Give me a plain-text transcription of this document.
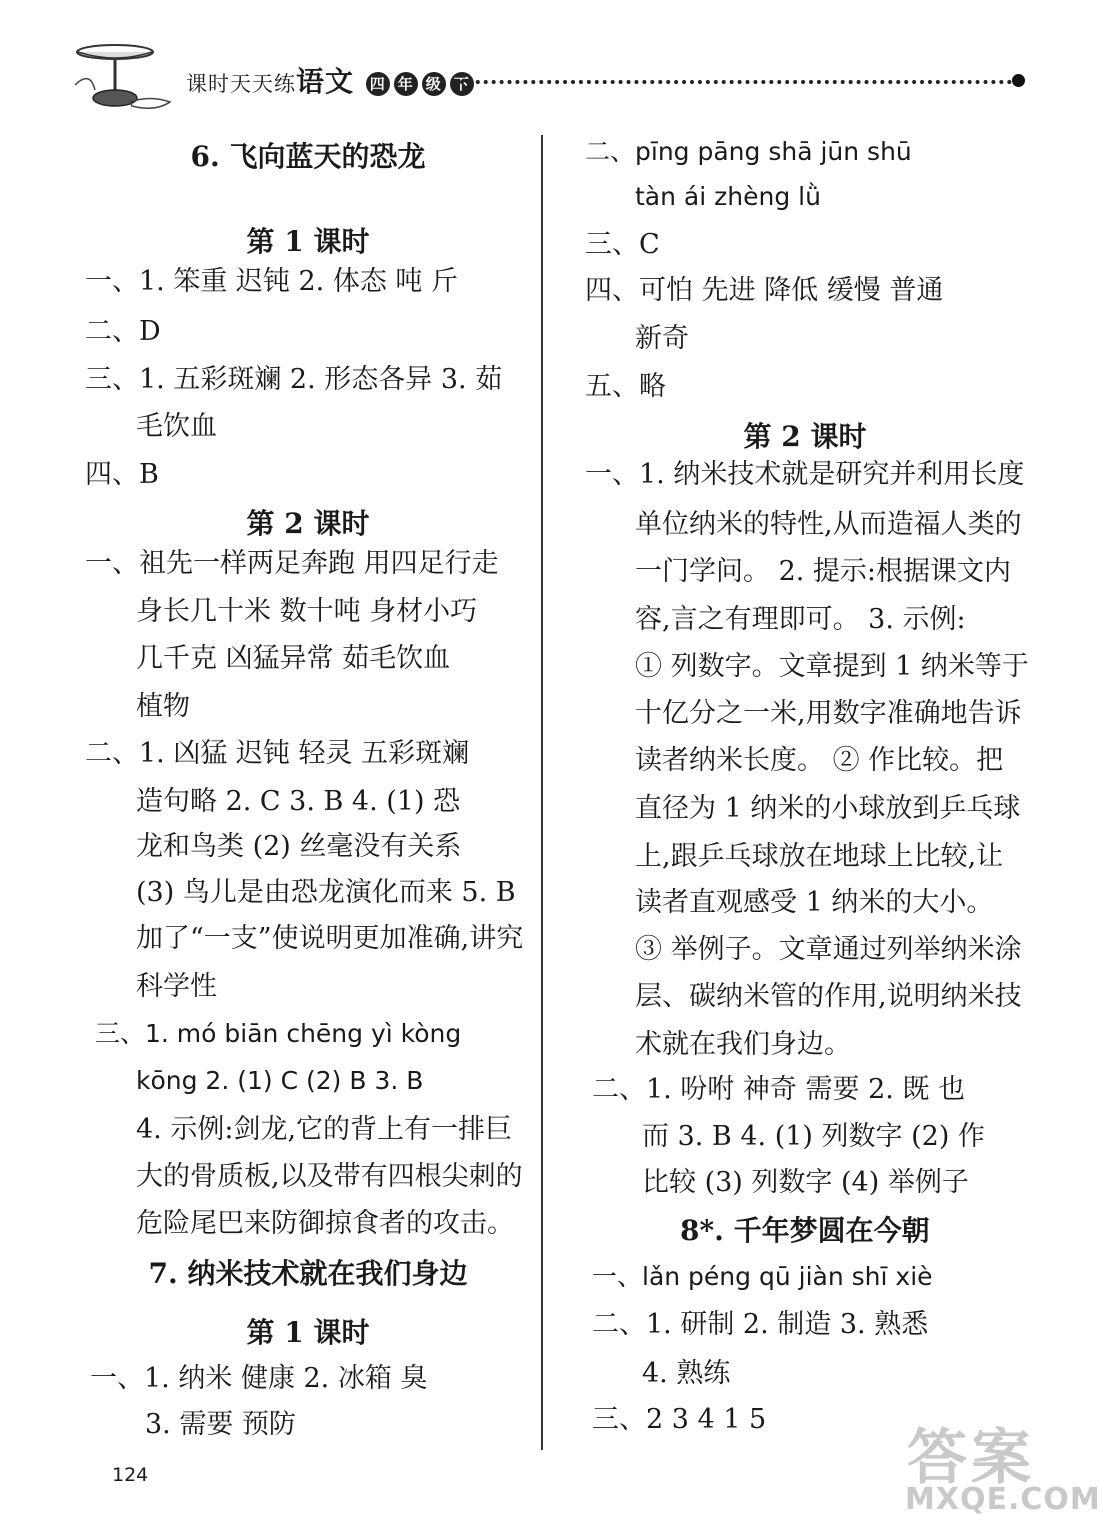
课时天天练语文 四 年 级 下
6. 飞向蓝天的恐龙
第 1 课时
一、1. 笨重 迟钝 2. 体态 吨 斤
二、D
三、1. 五彩斑斓 2. 形态各异 3. 茹
毛饮血
四、B
第 2 课时
一、祖先一样两足奔跑 用四足行走
身长几十米 数十吨 身材小巧
几千克 凶猛异常 茹毛饮血
植物
二、1. 凶猛 迟钝 轻灵 五彩斑斓
造句略 2. C 3. B 4. (1) 恐
龙和鸟类 (2) 丝毫没有关系
(3) 鸟儿是由恐龙演化而来 5. B
加了“一支”使说明更加准确,讲究
科学性
三、1. mó biān chēng yì kòng
kōng 2. (1) C (2) B 3. B
4. 示例:剑龙,它的背上有一排巨
大的骨质板,以及带有四根尖刺的
危险尾巴来防御掠食者的攻击。
7. 纳米技术就在我们身边
第 1 课时
一、1. 纳米 健康 2. 冰箱 臭
3. 需要 预防
二、pīng pāng shā jūn shū
tàn ái zhèng lǜ
三、C
四、可怕 先进 降低 缓慢 普通
新奇
五、略
第 2 课时
一、1. 纳米技术就是研究并利用长度
单位纳米的特性,从而造福人类的
一门学问。 2. 提示:根据课文内
容,言之有理即可。 3. 示例:
① 列数字。文章提到 1 纳米等于
十亿分之一米,用数字准确地告诉
读者纳米长度。 ② 作比较。把
直径为 1 纳米的小球放到乒乓球
上,跟乒乓球放在地球上比较,让
读者直观感受 1 纳米的大小。
③ 举例子。文章通过列举纳米涂
层、碳纳米管的作用,说明纳米技
术就在我们身边。
二、1. 吩咐 神奇 需要 2. 既 也
而 3. B 4. (1) 列数字 (2) 作
比较 (3) 列数字 (4) 举例子
8*. 千年梦圆在今朝
一、lǎn péng qū jiàn shī xiè
二、1. 研制 2. 制造 3. 熟悉
4. 熟练
三、2 3 4 1 5
124	答案
MXQE.COM
